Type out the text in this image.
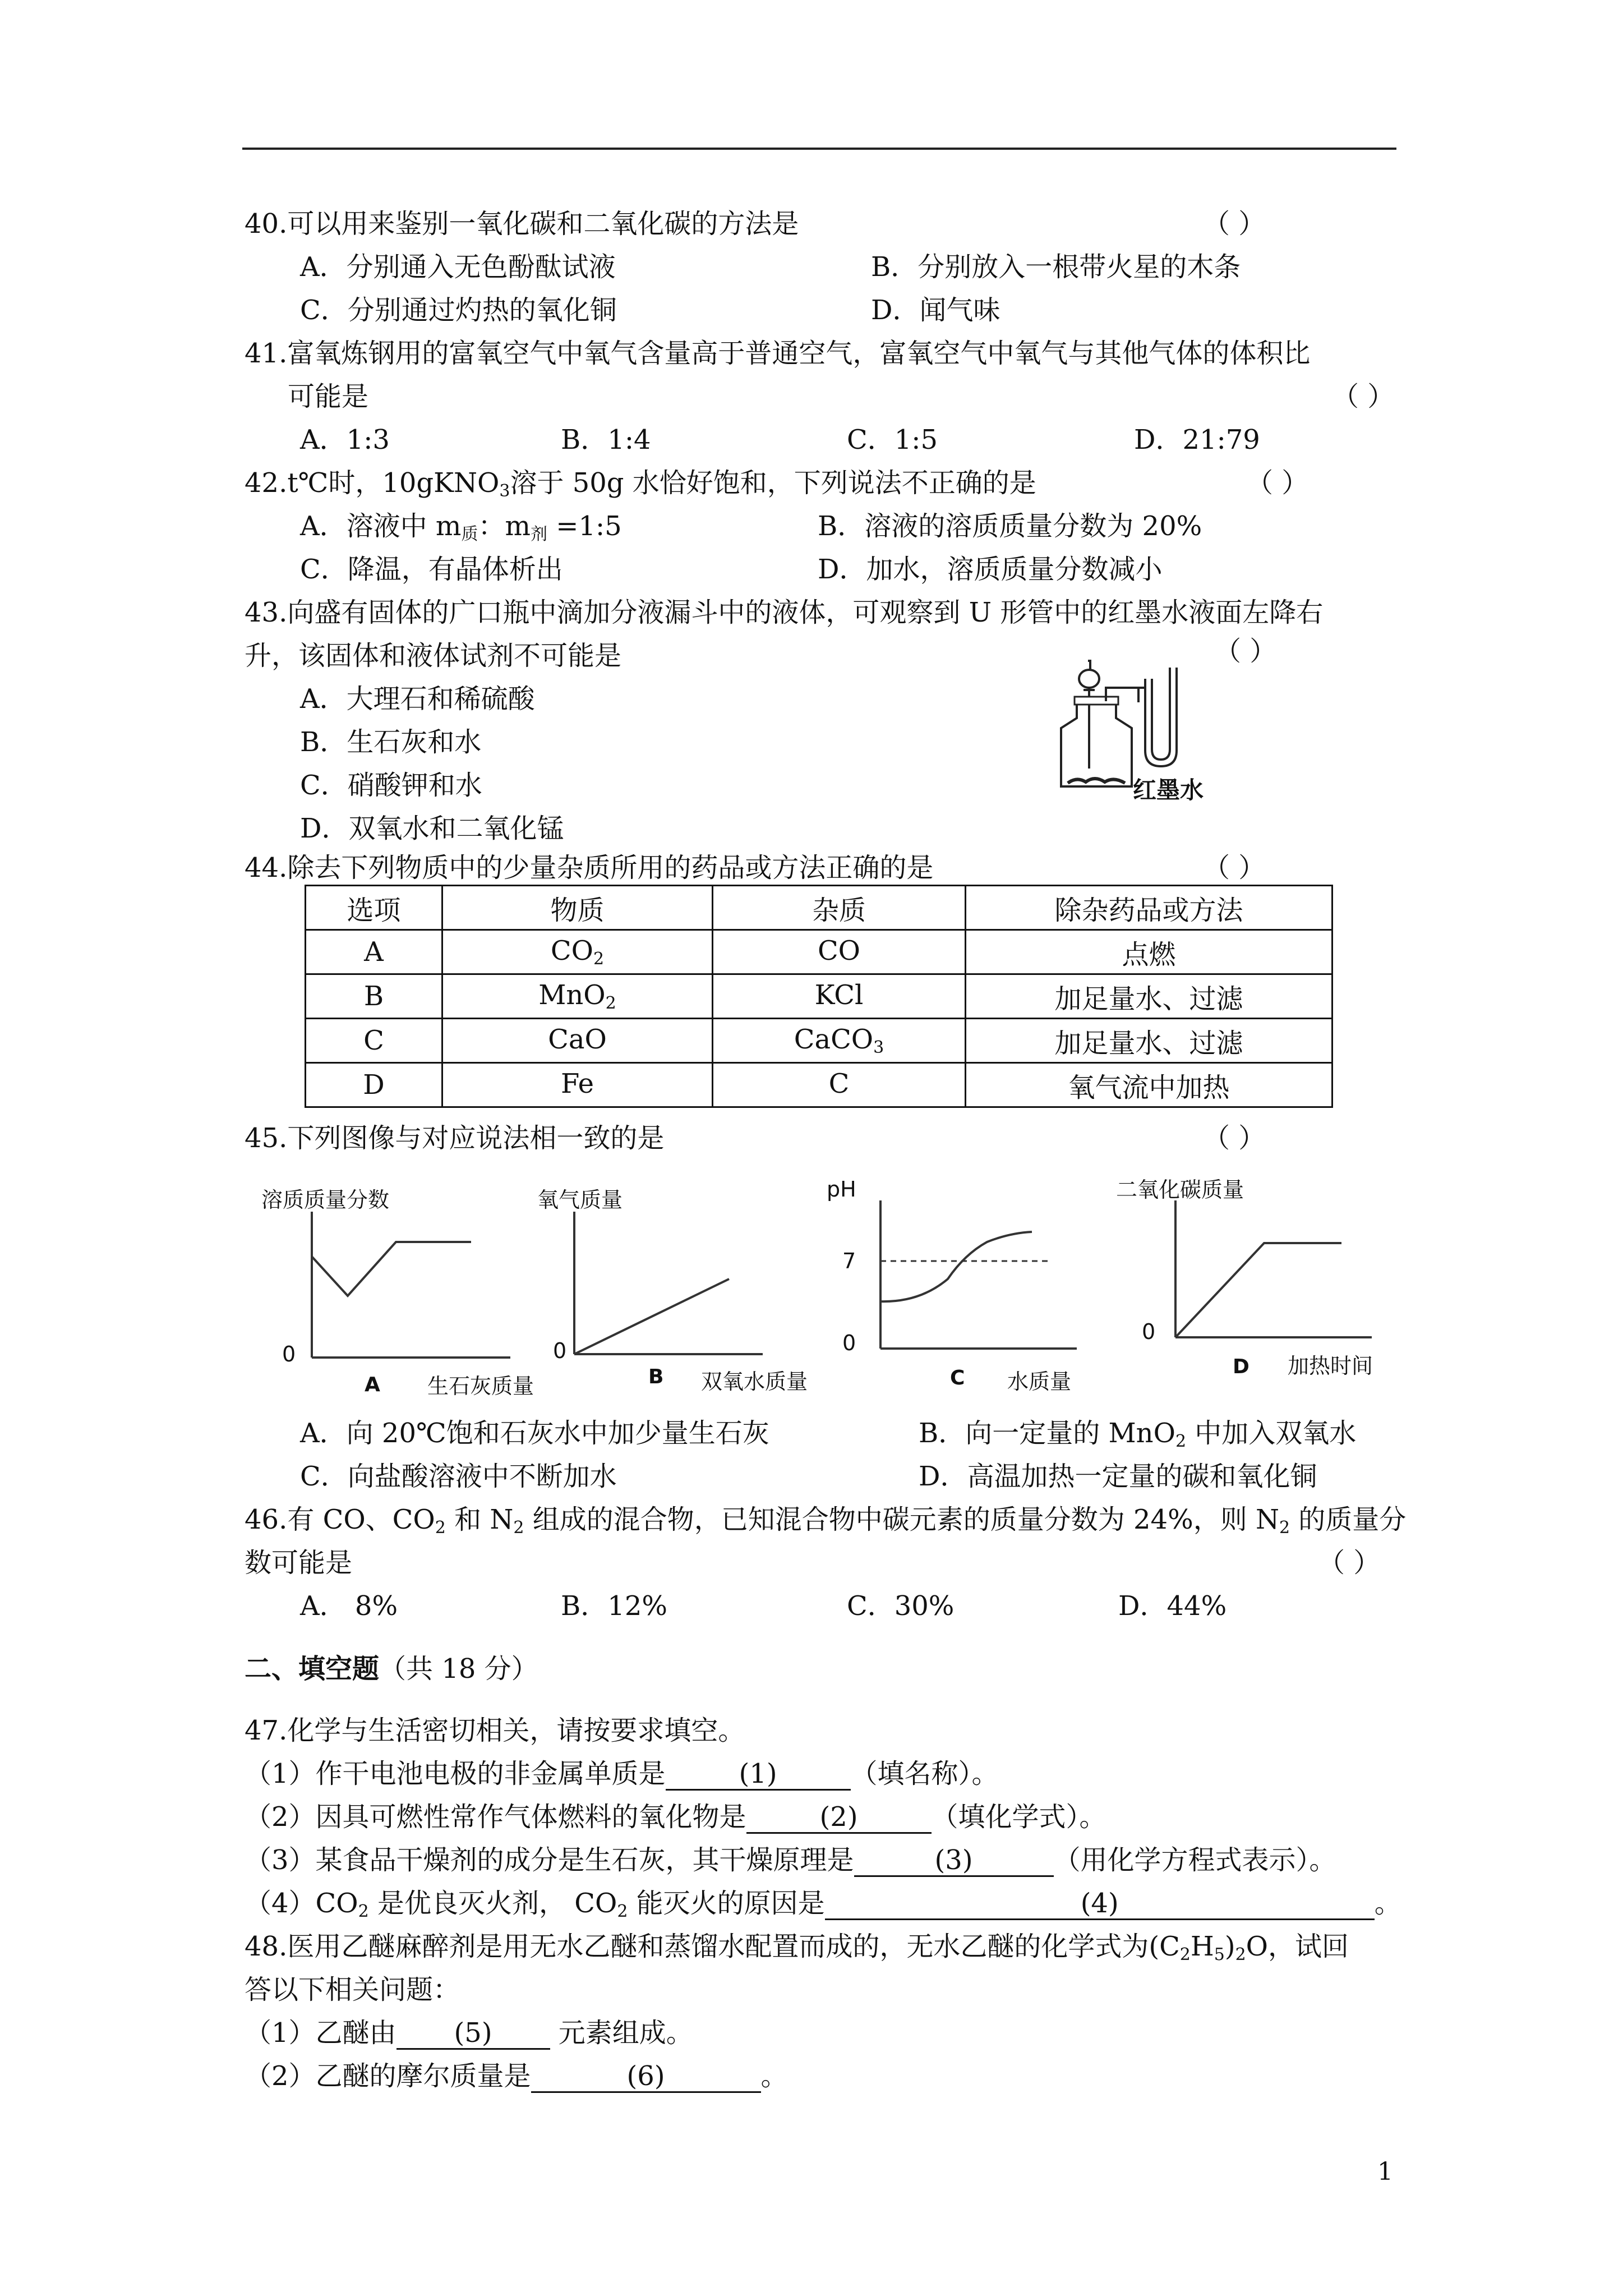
40.可以用来鉴别一氧化碳和二氧化碳的方法是	（ ）
A．分别通入无色酚酞试液	B．分别放入一根带火星的木条
C．分别通过灼热的氧化铜	D．闻气味
41.富氧炼钢用的富氧空气中氧气含量高于普通空气，富氧空气中氧气与其他气体的体积比
可能是	（ ）
A．1:3	B．1:4	C．1:5	D．21:79
42.t℃时，10gKNO$_3$溶于 50g 水恰好饱和，下列说法不正确的是	（ ）
A．溶液中 $m_质$：$m_剂$ =1:5	B．溶液的溶质质量分数为 20%
C．降温，有晶体析出	D．加水，溶质质量分数减小
43.向盛有固体的广口瓶中滴加分液漏斗中的液体，可观察到 U 形管中的红墨水液面左降右
升，该固体和液体试剂不可能是	（ ）
A．大理石和稀硫酸
B．生石灰和水
C．硝酸钾和水
D．双氧水和二氧化锰
红墨水
44.除去下列物质中的少量杂质所用的药品或方法正确的是	（ ）
选项	物质	杂质	除杂药品或方法
A	$CO_2$	CO	点燃
B	MnO$_2$	KCl	加足量水、过滤
C	CaO	CaCO$_3$	加足量水、过滤
D	Fe	C	氧气流中加热
45.下列图像与对应说法相一致的是	（ ）
溶质质量分数
0
A 生石灰质量
氧气质量
0
B 双氧水质量
pH
7
0
C 水质量
二氧化碳质量
0
D 加热时间
A．向 20℃饱和石灰水中加少量生石灰	B．向一定量的 MnO$_2$ 中加入双氧水
C．向盐酸溶液中不断加水	D．高温加热一定量的碳和氧化铜
46.有 CO、$CO_2$ 和 $N_2$ 组成的混合物，已知混合物中碳元素的质量分数为 24%，则 $N_2$ 的质量分
数可能是	（ ）
A． 8%	B．12%	C．30%	D．44%
二、填空题（共 18 分）
47.化学与生活密切相关，请按要求填空。
（1）作干电池电极的非金属单质是	(1)	（填名称）。
（2）因具可燃性常作气体燃料的氧化物是	(2)	（填化学式）。
（3）某食品干燥剂的成分是生石灰，其干燥原理是	(3)	（用化学方程式表示）。
$(4)CO_2$ 是优良灭火剂， $CO_2$ 能灭火的原因是	(4)	。
48.医用乙醚麻醉剂是用无水乙醚和蒸馏水配置而成的，无水乙醚的化学式为$(C_2H_5)_2O$，试回
答以下相关问题：
（1）乙醚由 (5) 元素组成。
（2）乙醚的摩尔质量是	(6)	。
1
